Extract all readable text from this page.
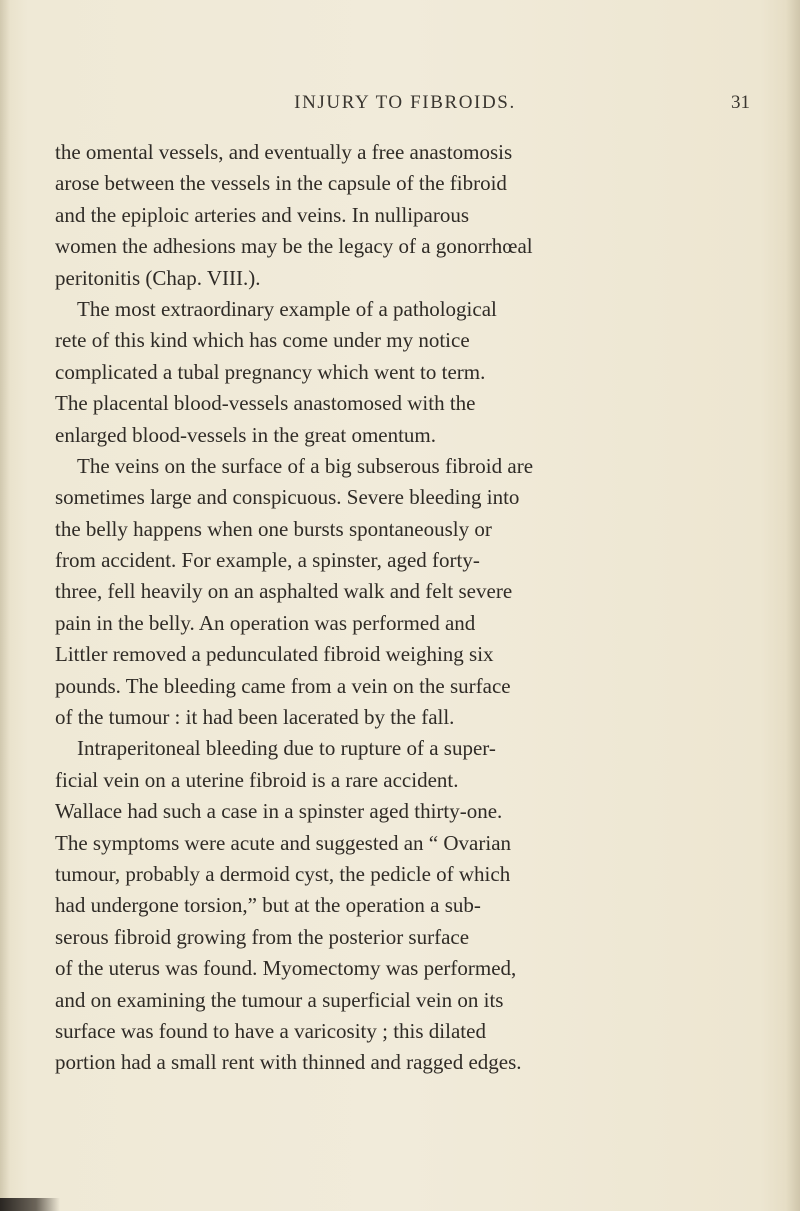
INJURY TO FIBROIDS.	31

the omental vessels, and eventually a free anastomosis
arose between the vessels in the capsule of the fibroid
and the epiploic arteries and veins. In nulliparous
women the adhesions may be the legacy of a gonorrhœal
peritonitis (Chap. VIII.).

The most extraordinary example of a pathological
rete of this kind which has come under my notice
complicated a tubal pregnancy which went to term.
The placental blood-vessels anastomosed with the
enlarged blood-vessels in the great omentum.

The veins on the surface of a big subserous fibroid are
sometimes large and conspicuous. Severe bleeding into
the belly happens when one bursts spontaneously or
from accident. For example, a spinster, aged forty-
three, fell heavily on an asphalted walk and felt severe
pain in the belly. An operation was performed and
Littler removed a pedunculated fibroid weighing six
pounds. The bleeding came from a vein on the surface
of the tumour : it had been lacerated by the fall.

Intraperitoneal bleeding due to rupture of a super-
ficial vein on a uterine fibroid is a rare accident.
Wallace had such a case in a spinster aged thirty-one.
The symptoms were acute and suggested an “ Ovarian
tumour, probably a dermoid cyst, the pedicle of which
had undergone torsion,” but at the operation a sub-
serous fibroid growing from the posterior surface
of the uterus was found. Myomectomy was performed,
and on examining the tumour a superficial vein on its
surface was found to have a varicosity ; this dilated
portion had a small rent with thinned and ragged edges.
